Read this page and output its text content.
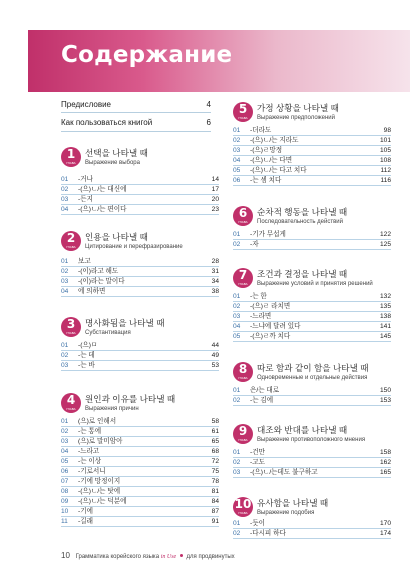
Содержание
Предисловие	4
Как пользоваться книгой	6
1
ГЛАВА
선택을 나타낼 때
Выражение выбора
01 -거나	14
02 -(으)ㄴ/는 대신에	17
03 -든지	20
04 -(으)ㄴ/는 편이다	23
2
ГЛАВА
인용을 나타낼 때
Цитирование и перефразирование
01 보고	28
02 -(이)라고 해도	31
03 -(이)라는 말이다	34
04 에 의하면	38
3
ГЛАВА
명사화됨을 나타낼 때
Субстантивация
01 -(으)ㅁ	44
02 -는 데	49
03 -는 바	53
4
ГЛАВА
원인과 이유를 나타낼 때
Выражения причин
01 (으)로 인해서	58
02 -는 통에	61
03 (으)로 말미암아	65
04 -느라고	68
05 -는 이상	72
06 -기로서니	75
07 -기에 망정이지	78
08 -(으)ㄴ/는 탓에	81
09 -(으)ㄴ/는 덕분에	84
10 -기에	87
11 -길래	91
5
ГЛАВА
가정 상황을 나타낼 때
Выражение предположений
01 -더라도	98
02 -(으)ㄴ/는 지라도	101
03 -(으)ㄹ망정	105
04 -(으)ㄴ/는 다면	108
05 -(으)ㄴ/는 다고 치다	112
06 -는 셈 치다	116
6
ГЛАВА
순차적 행동을 나타낼 때
Последовательность действий
01 -기가 무섭게	122
02 -자	125
7
ГЛАВА
조건과 결정을 나타낼 때
Выражение условий и принятия решений
01 -는 한	132
02 -(으)ㄹ 라치면	135
03 -느라면	138
04 -느냐에 달려 있다	141
05 -(으)ㄹ까 치다	145
8
ГЛАВА
따로 함과 같이 함을 나타낼 때
Одновременные и отдельные действия
01 은/는 대로	150
02 -는 김에	153
9
ГЛАВА
대조와 반대를 나타낼 때
Выражение противоположного мнения
01 -건만	158
02 -고도	162
03 -(으)ㄴ/는데도 불구하고	165
10
ГЛАВА
유사함을 나타낼 때
Выражение подобия
01 -듯이	170
02 -다시피 하다	174
10 Грамматика корейского языка in Use для продвинутых
